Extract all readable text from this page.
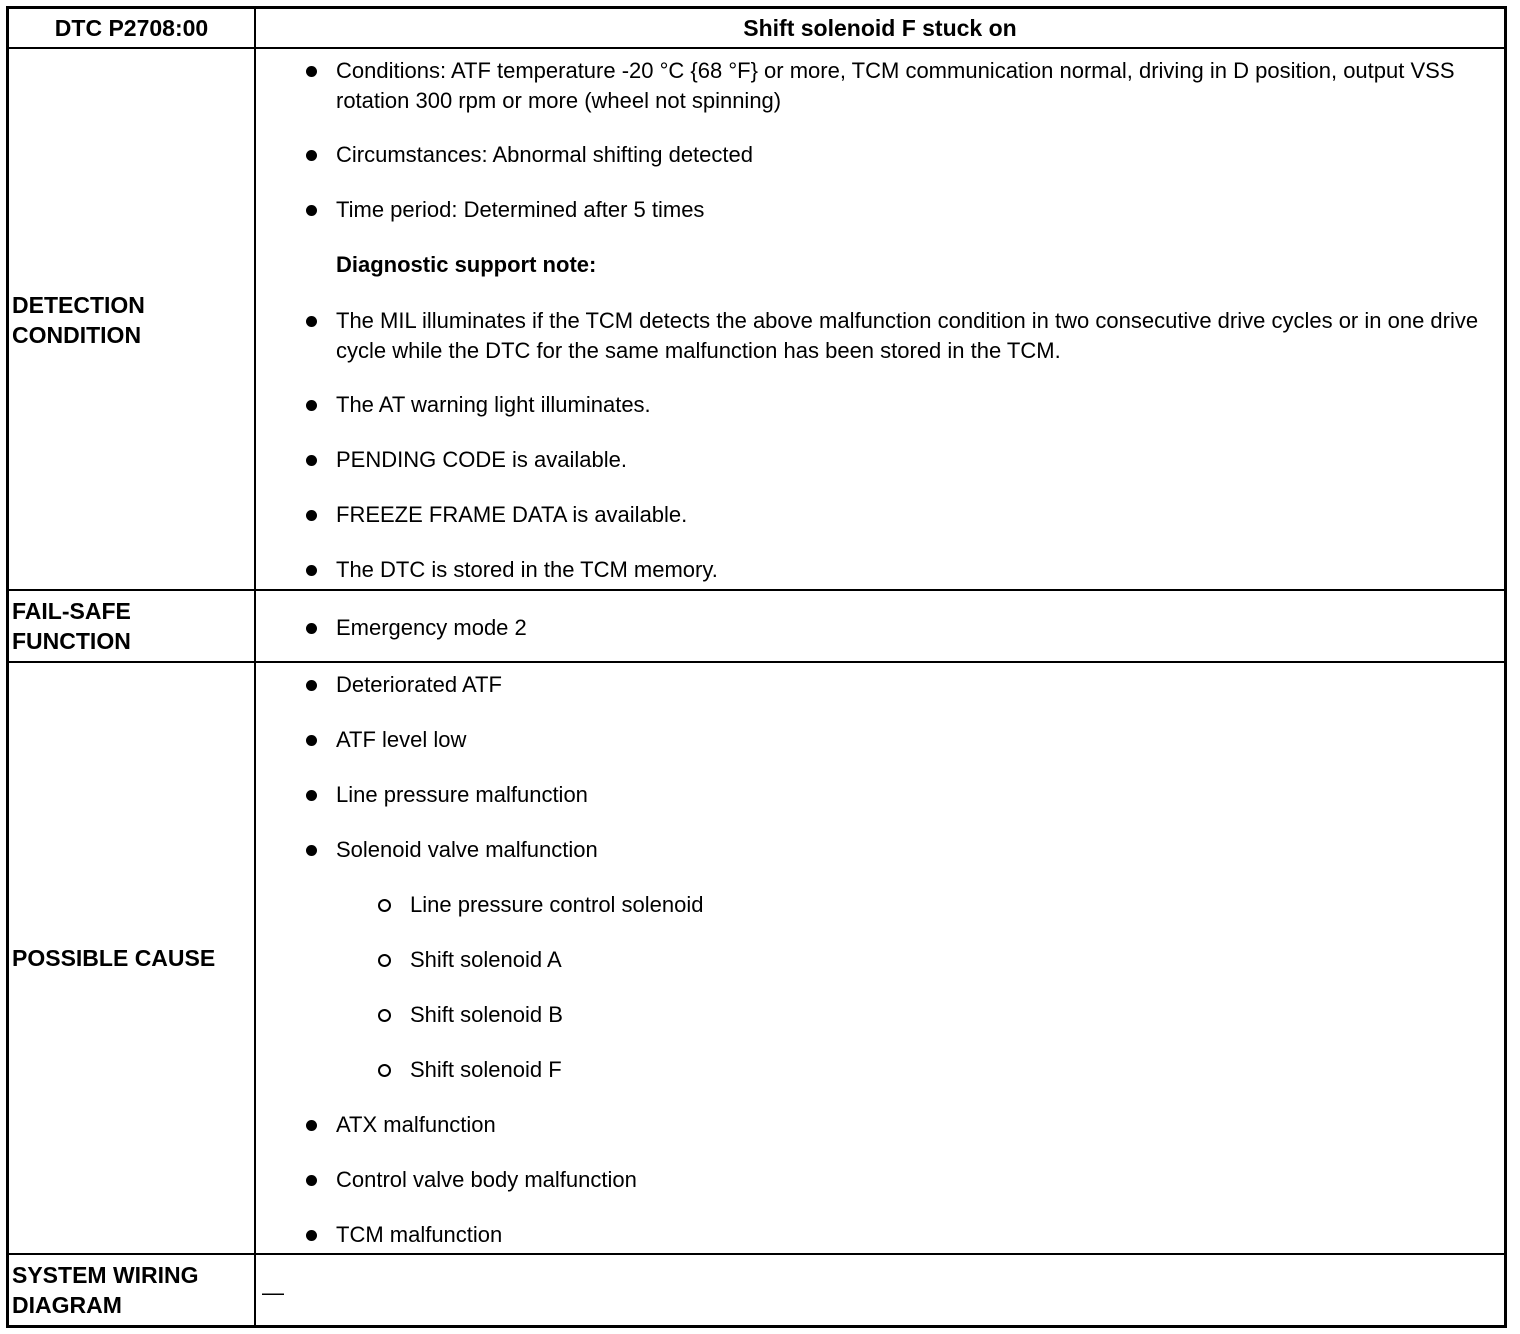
DTC P2708:00	Shift solenoid F stuck on
DETECTION
CONDITION
Conditions: ATF temperature -20 °C {68 °F} or more, TCM communication normal, driving in D position, output VSS rotation 300 rpm or more (wheel not spinning)
Circumstances: Abnormal shifting detected
Time period: Determined after 5 times
Diagnostic support note:
The MIL illuminates if the TCM detects the above malfunction condition in two consecutive drive cycles or in one drive cycle while the DTC for the same malfunction has been stored in the TCM.
The AT warning light illuminates.
PENDING CODE is available.
FREEZE FRAME DATA is available.
The DTC is stored in the TCM memory.
FAIL-SAFE
FUNCTION
Emergency mode 2
POSSIBLE CAUSE
Deteriorated ATF
ATF level low
Line pressure malfunction
Solenoid valve malfunction
Line pressure control solenoid
Shift solenoid A
Shift solenoid B
Shift solenoid F
ATX malfunction
Control valve body malfunction
TCM malfunction
SYSTEM WIRING
DIAGRAM	—
